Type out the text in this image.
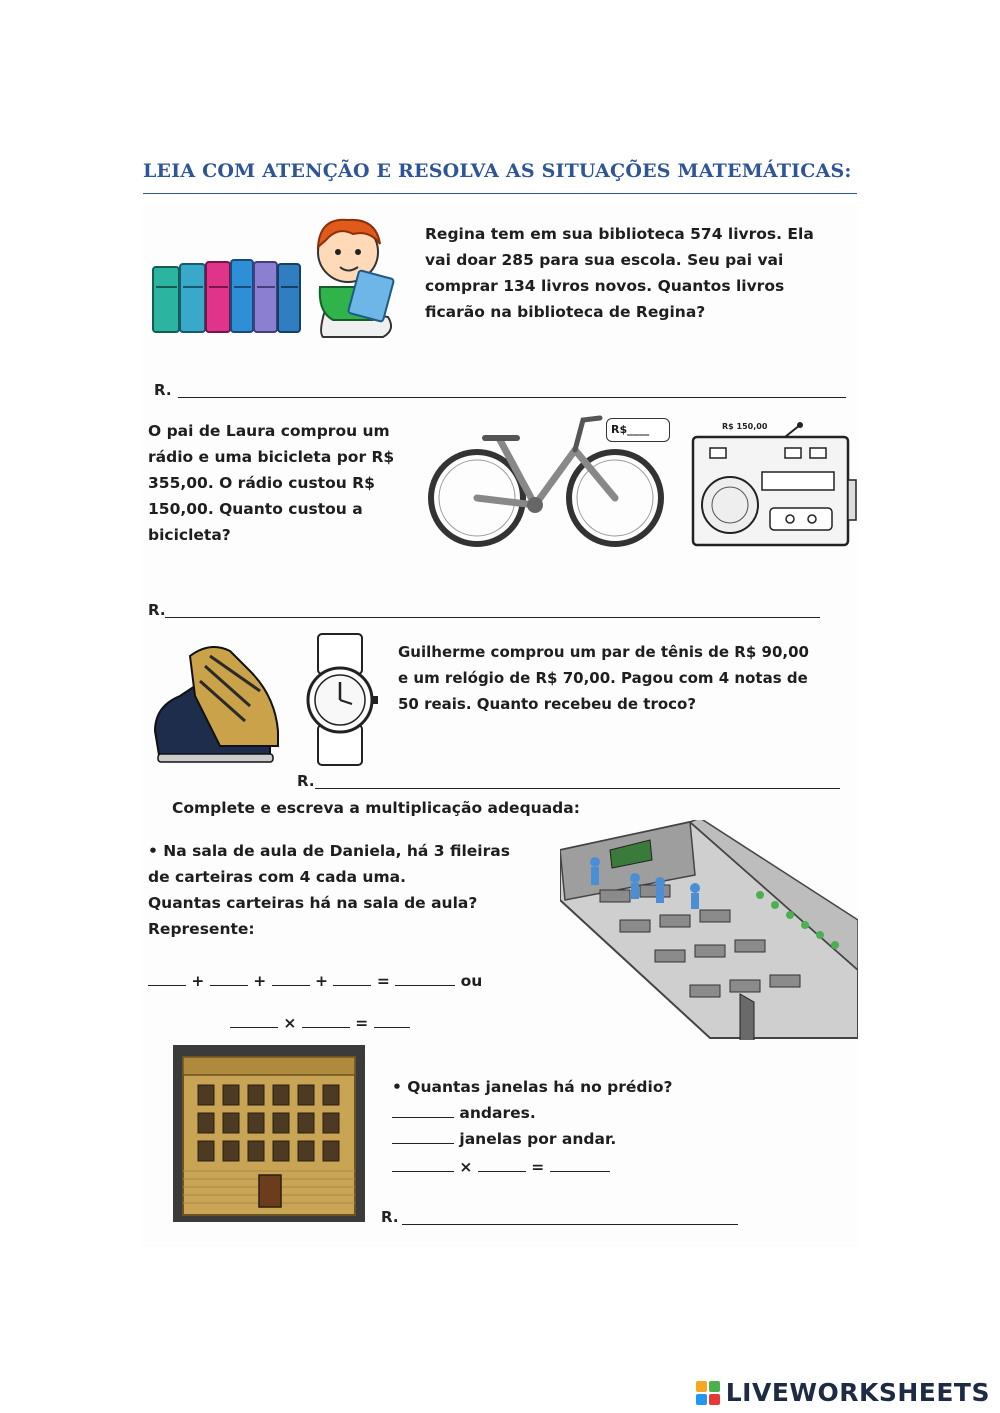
LEIA COM ATENÇÃO E RESOLVA AS SITUAÇÕES MATEMÁTICAS:
Regina tem em sua biblioteca 574 livros. Ela
vai doar 285 para sua escola. Seu pai vai
comprar 134 livros novos. Quantos livros
ficarão na biblioteca de Regina?
R.
O pai de Laura comprou um
rádio e uma bicicleta por R$
355,00. O rádio custou R$
150,00. Quanto custou a
bicicleta?
R$____	R$ 150,00
R.
Guilherme comprou um par de tênis de R$ 90,00
e um relógio de R$ 70,00. Pagou com 4 notas de
50 reais. Quanto recebeu de troco?
R.
Complete e escreva a multiplicação adequada:
• Na sala de aula de Daniela, há 3 fileiras
de carteiras com 4 cada uma.
Quantas carteiras há na sala de aula?
Represente:
+	+	+	=	ou
×	=
• Quantas janelas há no prédio?
andares.
janelas por andar.
×	=
R.
LIVEWORKSHEETS
